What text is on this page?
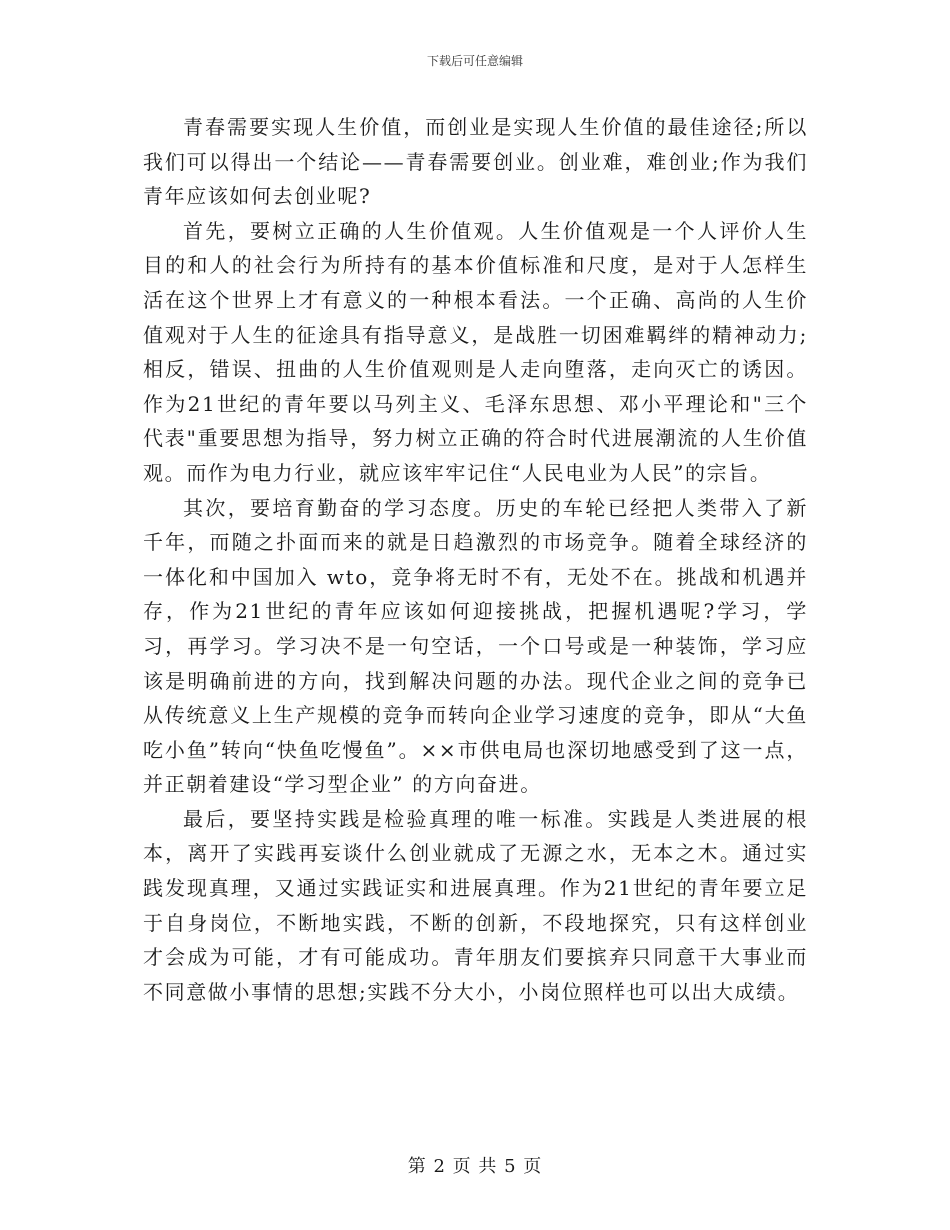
下载后可任意编辑

青春需要实现人生价值，而创业是实现人生价值的最佳途径;所以我们可以得出一个结论——青春需要创业。创业难，难创业;作为我们青年应该如何去创业呢?

首先，要树立正确的人生价值观。人生价值观是一个人评价人生目的和人的社会行为所持有的基本价值标准和尺度，是对于人怎样生活在这个世界上才有意义的一种根本看法。一个正确、高尚的人生价值观对于人生的征途具有指导意义，是战胜一切困难羁绊的精神动力;相反，错误、扭曲的人生价值观则是人走向堕落，走向灭亡的诱因。作为21世纪的青年要以马列主义、毛泽东思想、邓小平理论和"三个代表"重要思想为指导，努力树立正确的符合时代进展潮流的人生价值观。而作为电力行业，就应该牢牢记住“人民电业为人民”的宗旨。

其次，要培育勤奋的学习态度。历史的车轮已经把人类带入了新千年，而随之扑面而来的就是日趋激烈的市场竞争。随着全球经济的一体化和中国加入 wto，竞争将无时不有，无处不在。挑战和机遇并存，作为21世纪的青年应该如何迎接挑战，把握机遇呢?学习，学习，再学习。学习决不是一句空话，一个口号或是一种装饰，学习应该是明确前进的方向，找到解决问题的办法。现代企业之间的竞争已从传统意义上生产规模的竞争而转向企业学习速度的竞争，即从“大鱼吃小鱼”转向“快鱼吃慢鱼”。××市供电局也深切地感受到了这一点，并正朝着建设“学习型企业” 的方向奋进。

最后，要坚持实践是检验真理的唯一标准。实践是人类进展的根本，离开了实践再妄谈什么创业就成了无源之水，无本之木。通过实践发现真理，又通过实践证实和进展真理。作为21世纪的青年要立足于自身岗位，不断地实践，不断的创新，不段地探究，只有这样创业才会成为可能，才有可能成功。青年朋友们要摈弃只同意干大事业而不同意做小事情的思想;实践不分大小，小岗位照样也可以出大成绩。

第 2 页 共 5 页
